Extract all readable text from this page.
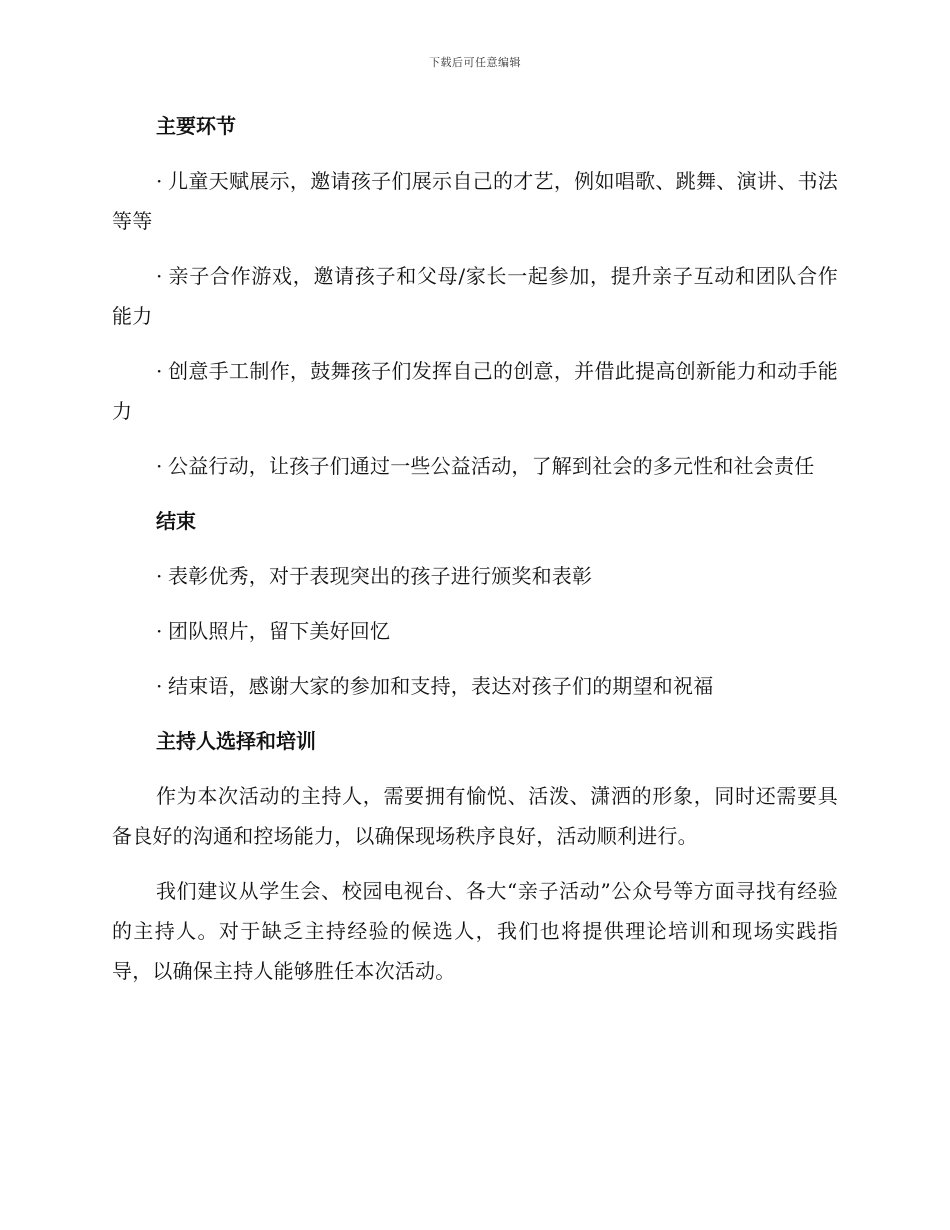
下载后可任意编辑
主要环节

· 儿童天赋展示，邀请孩子们展示自己的才艺，例如唱歌、跳舞、演讲、书法等等

· 亲子合作游戏，邀请孩子和父母/家长一起参加，提升亲子互动和团队合作能力

· 创意手工制作，鼓舞孩子们发挥自己的创意，并借此提高创新能力和动手能力

· 公益行动，让孩子们通过一些公益活动，了解到社会的多元性和社会责任

结束

· 表彰优秀，对于表现突出的孩子进行颁奖和表彰

· 团队照片，留下美好回忆

· 结束语，感谢大家的参加和支持，表达对孩子们的期望和祝福

主持人选择和培训

作为本次活动的主持人，需要拥有愉悦、活泼、潇洒的形象，同时还需要具备良好的沟通和控场能力，以确保现场秩序良好，活动顺利进行。

我们建议从学生会、校园电视台、各大“亲子活动”公众号等方面寻找有经验的主持人。对于缺乏主持经验的候选人，我们也将提供理论培训和现场实践指导，以确保主持人能够胜任本次活动。
